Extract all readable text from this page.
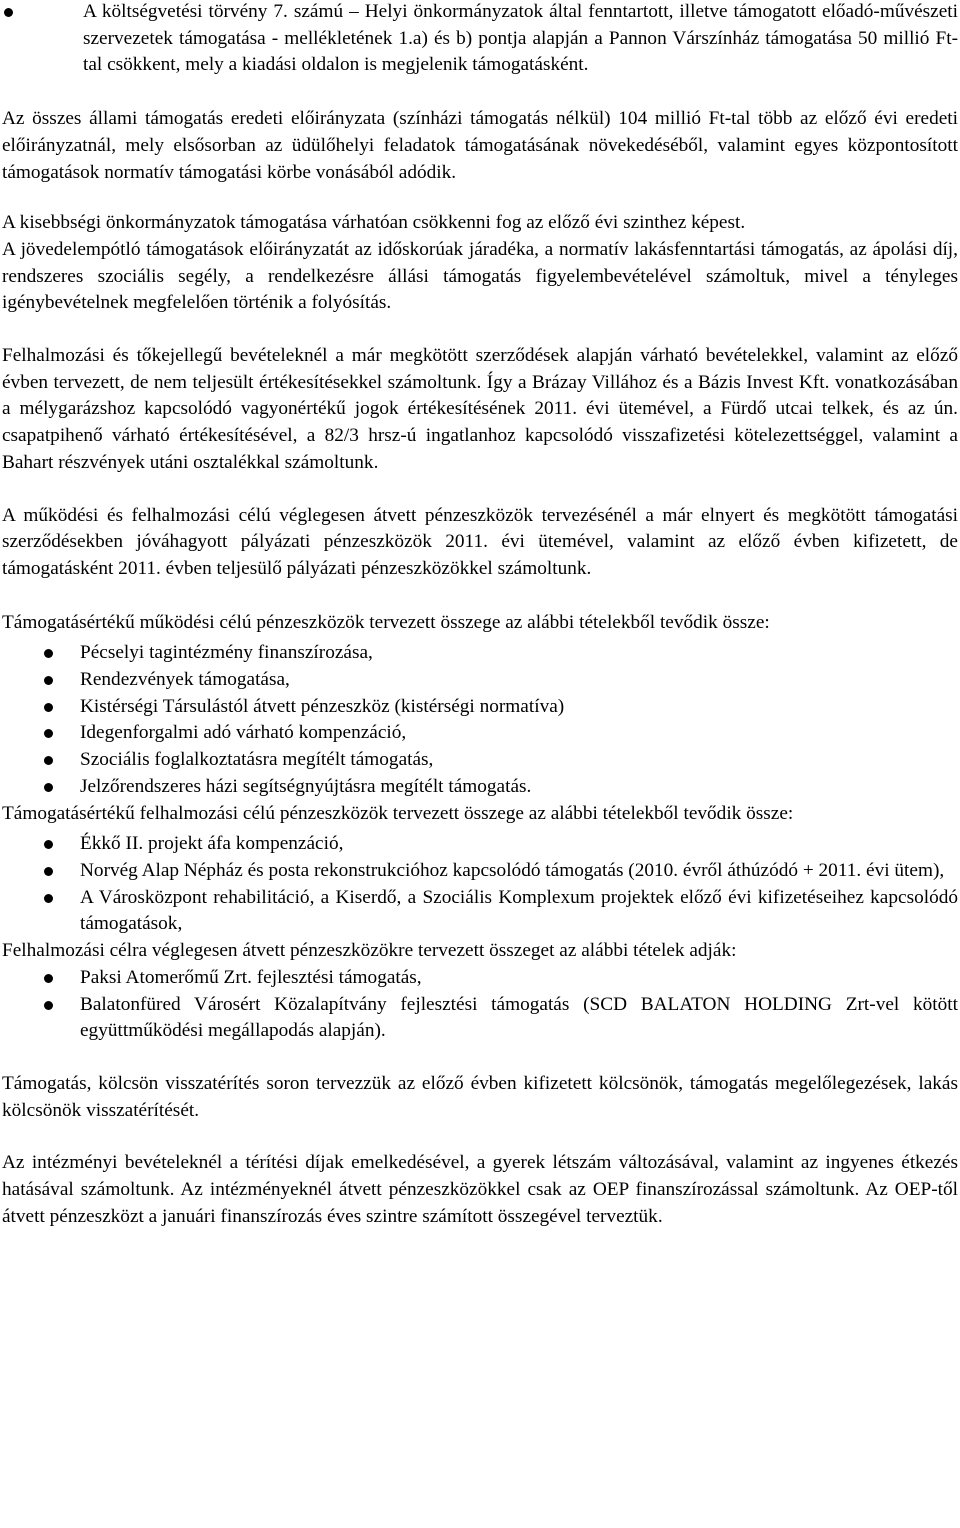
A költségvetési törvény 7. számú – Helyi önkormányzatok által fenntartott, illetve támogatott előadó-művészeti szervezetek támogatása - mellékletének 1.a) és b) pontja alapján a Pannon Várszínház támogatása 50 millió Ft-tal csökkent, mely a kiadási oldalon is megjelenik támogatásként.

Az összes állami támogatás eredeti előirányzata (színházi támogatás nélkül) 104 millió Ft-tal több az előző évi eredeti előirányzatnál, mely elsősorban az üdülőhelyi feladatok támogatásának növekedéséből, valamint egyes központosított támogatások normatív támogatási körbe vonásából adódik.

A kisebbségi önkormányzatok támogatása várhatóan csökkenni fog az előző évi szinthez képest.

A jövedelempótló támogatások előirányzatát az időskorúak járadéka, a normatív lakásfenntartási támogatás, az ápolási díj, rendszeres szociális segély, a rendelkezésre állási támogatás figyelembevételével számoltuk, mivel a tényleges igénybevételnek megfelelően történik a folyósítás.

Felhalmozási és tőkejellegű bevételeknél a már megkötött szerződések alapján várható bevételekkel, valamint az előző évben tervezett, de nem teljesült értékesítésekkel számoltunk. Így a Brázay Villához és a Bázis Invest Kft. vonatkozásában a mélygarázshoz kapcsolódó vagyonértékű jogok értékesítésének 2011. évi ütemével, a Fürdő utcai telkek, és az ún. csapatpihenő várható értékesítésével, a 82/3 hrsz-ú ingatlanhoz kapcsolódó visszafizetési kötelezettséggel, valamint a Bahart részvények utáni osztalékkal számoltunk.

A működési és felhalmozási célú véglegesen átvett pénzeszközök tervezésénél a már elnyert és megkötött támogatási szerződésekben jóváhagyott pályázati pénzeszközök 2011. évi ütemével, valamint az előző évben kifizetett, de támogatásként 2011. évben teljesülő pályázati pénzeszközökkel számoltunk.

Támogatásértékű működési célú pénzeszközök tervezett összege az alábbi tételekből tevődik össze:

Pécselyi tagintézmény finanszírozása,
Rendezvények támogatása,
Kistérségi Társulástól átvett pénzeszköz (kistérségi normatíva)
Idegenforgalmi adó várható kompenzáció,
Szociális foglalkoztatásra megítélt támogatás,
Jelzőrendszeres házi segítségnyújtásra megítélt támogatás.

Támogatásértékű felhalmozási célú pénzeszközök tervezett összege az alábbi tételekből tevődik össze:

Ékkő II. projekt áfa kompenzáció,
Norvég Alap Népház és posta rekonstrukcióhoz kapcsolódó támogatás (2010. évről áthúzódó + 2011. évi ütem),
A Városközpont rehabilitáció, a Kiserdő, a Szociális Komplexum projektek előző évi kifizetéseihez kapcsolódó támogatások,

Felhalmozási célra véglegesen átvett pénzeszközökre tervezett összeget az alábbi tételek adják:

Paksi Atomerőmű Zrt. fejlesztési támogatás,
Balatonfüred Városért Közalapítvány fejlesztési támogatás (SCD BALATON HOLDING Zrt-vel kötött együttműködési megállapodás alapján).

Támogatás, kölcsön visszatérítés soron tervezzük az előző évben kifizetett kölcsönök, támogatás megelőlegezések, lakás kölcsönök visszatérítését.

Az intézményi bevételeknél a térítési díjak emelkedésével, a gyerek létszám változásával, valamint az ingyenes étkezés hatásával számoltunk. Az intézményeknél átvett pénzeszközökkel csak az OEP finanszírozással számoltunk. Az OEP-től átvett pénzeszközt a januári finanszírozás éves szintre számított összegével terveztük.
